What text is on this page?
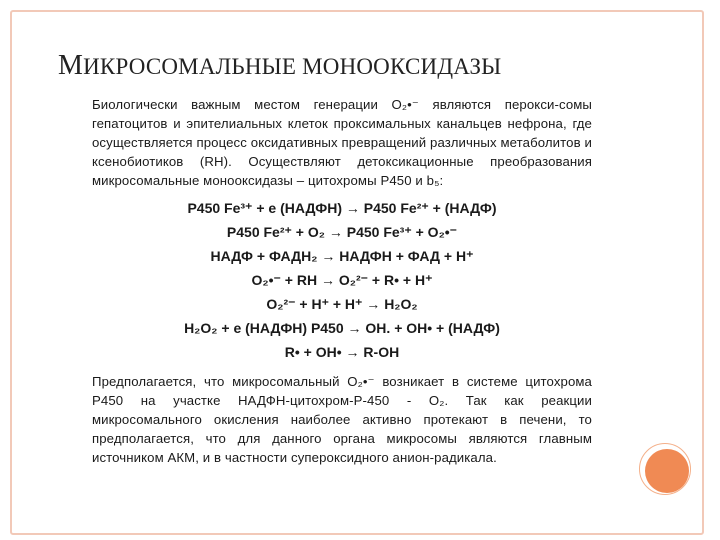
МИКРОСОМАЛЬНЫЕ МОНООКСИДАЗЫ

Биологически важным местом генерации O₂•⁻ являются перокси-сомы гепатоцитов и эпителиальных клеток проксимальных канальцев нефрона, где осуществляется процесс оксидативных превращений различных метаболитов и ксенобиотиков (RH). Осуществляют детоксикационные преобразования микросомальные монооксидазы – цитохромы P450 и b₅:

P450 Fe³⁺ + e (НАДФН) → P450 Fe²⁺ + (НАДФ)

P450 Fe²⁺ + O₂ → P450 Fe³⁺ + O₂•⁻

НАДФ + ФАДН₂ → НАДФН + ФАД + H⁺

O₂•⁻ + RH → O₂²⁻ + R• + H⁺

O₂²⁻ + H⁺ + H⁺ → H₂O₂

H₂O₂ + e (НАДФН) P450 → OH. + OH• + (НАДФ)

R• + OH• → R-OH

Предполагается, что микросомальный O₂•⁻ возникает в системе цитохрома P450 на участке НАДФН-цитохром-P-450 - O₂. Так как реакции микросомального окисления наиболее активно протекают в печени, то предполагается, что для данного органа микросомы являются главным источником АКМ, и в частности супероксидного анион-радикала.
